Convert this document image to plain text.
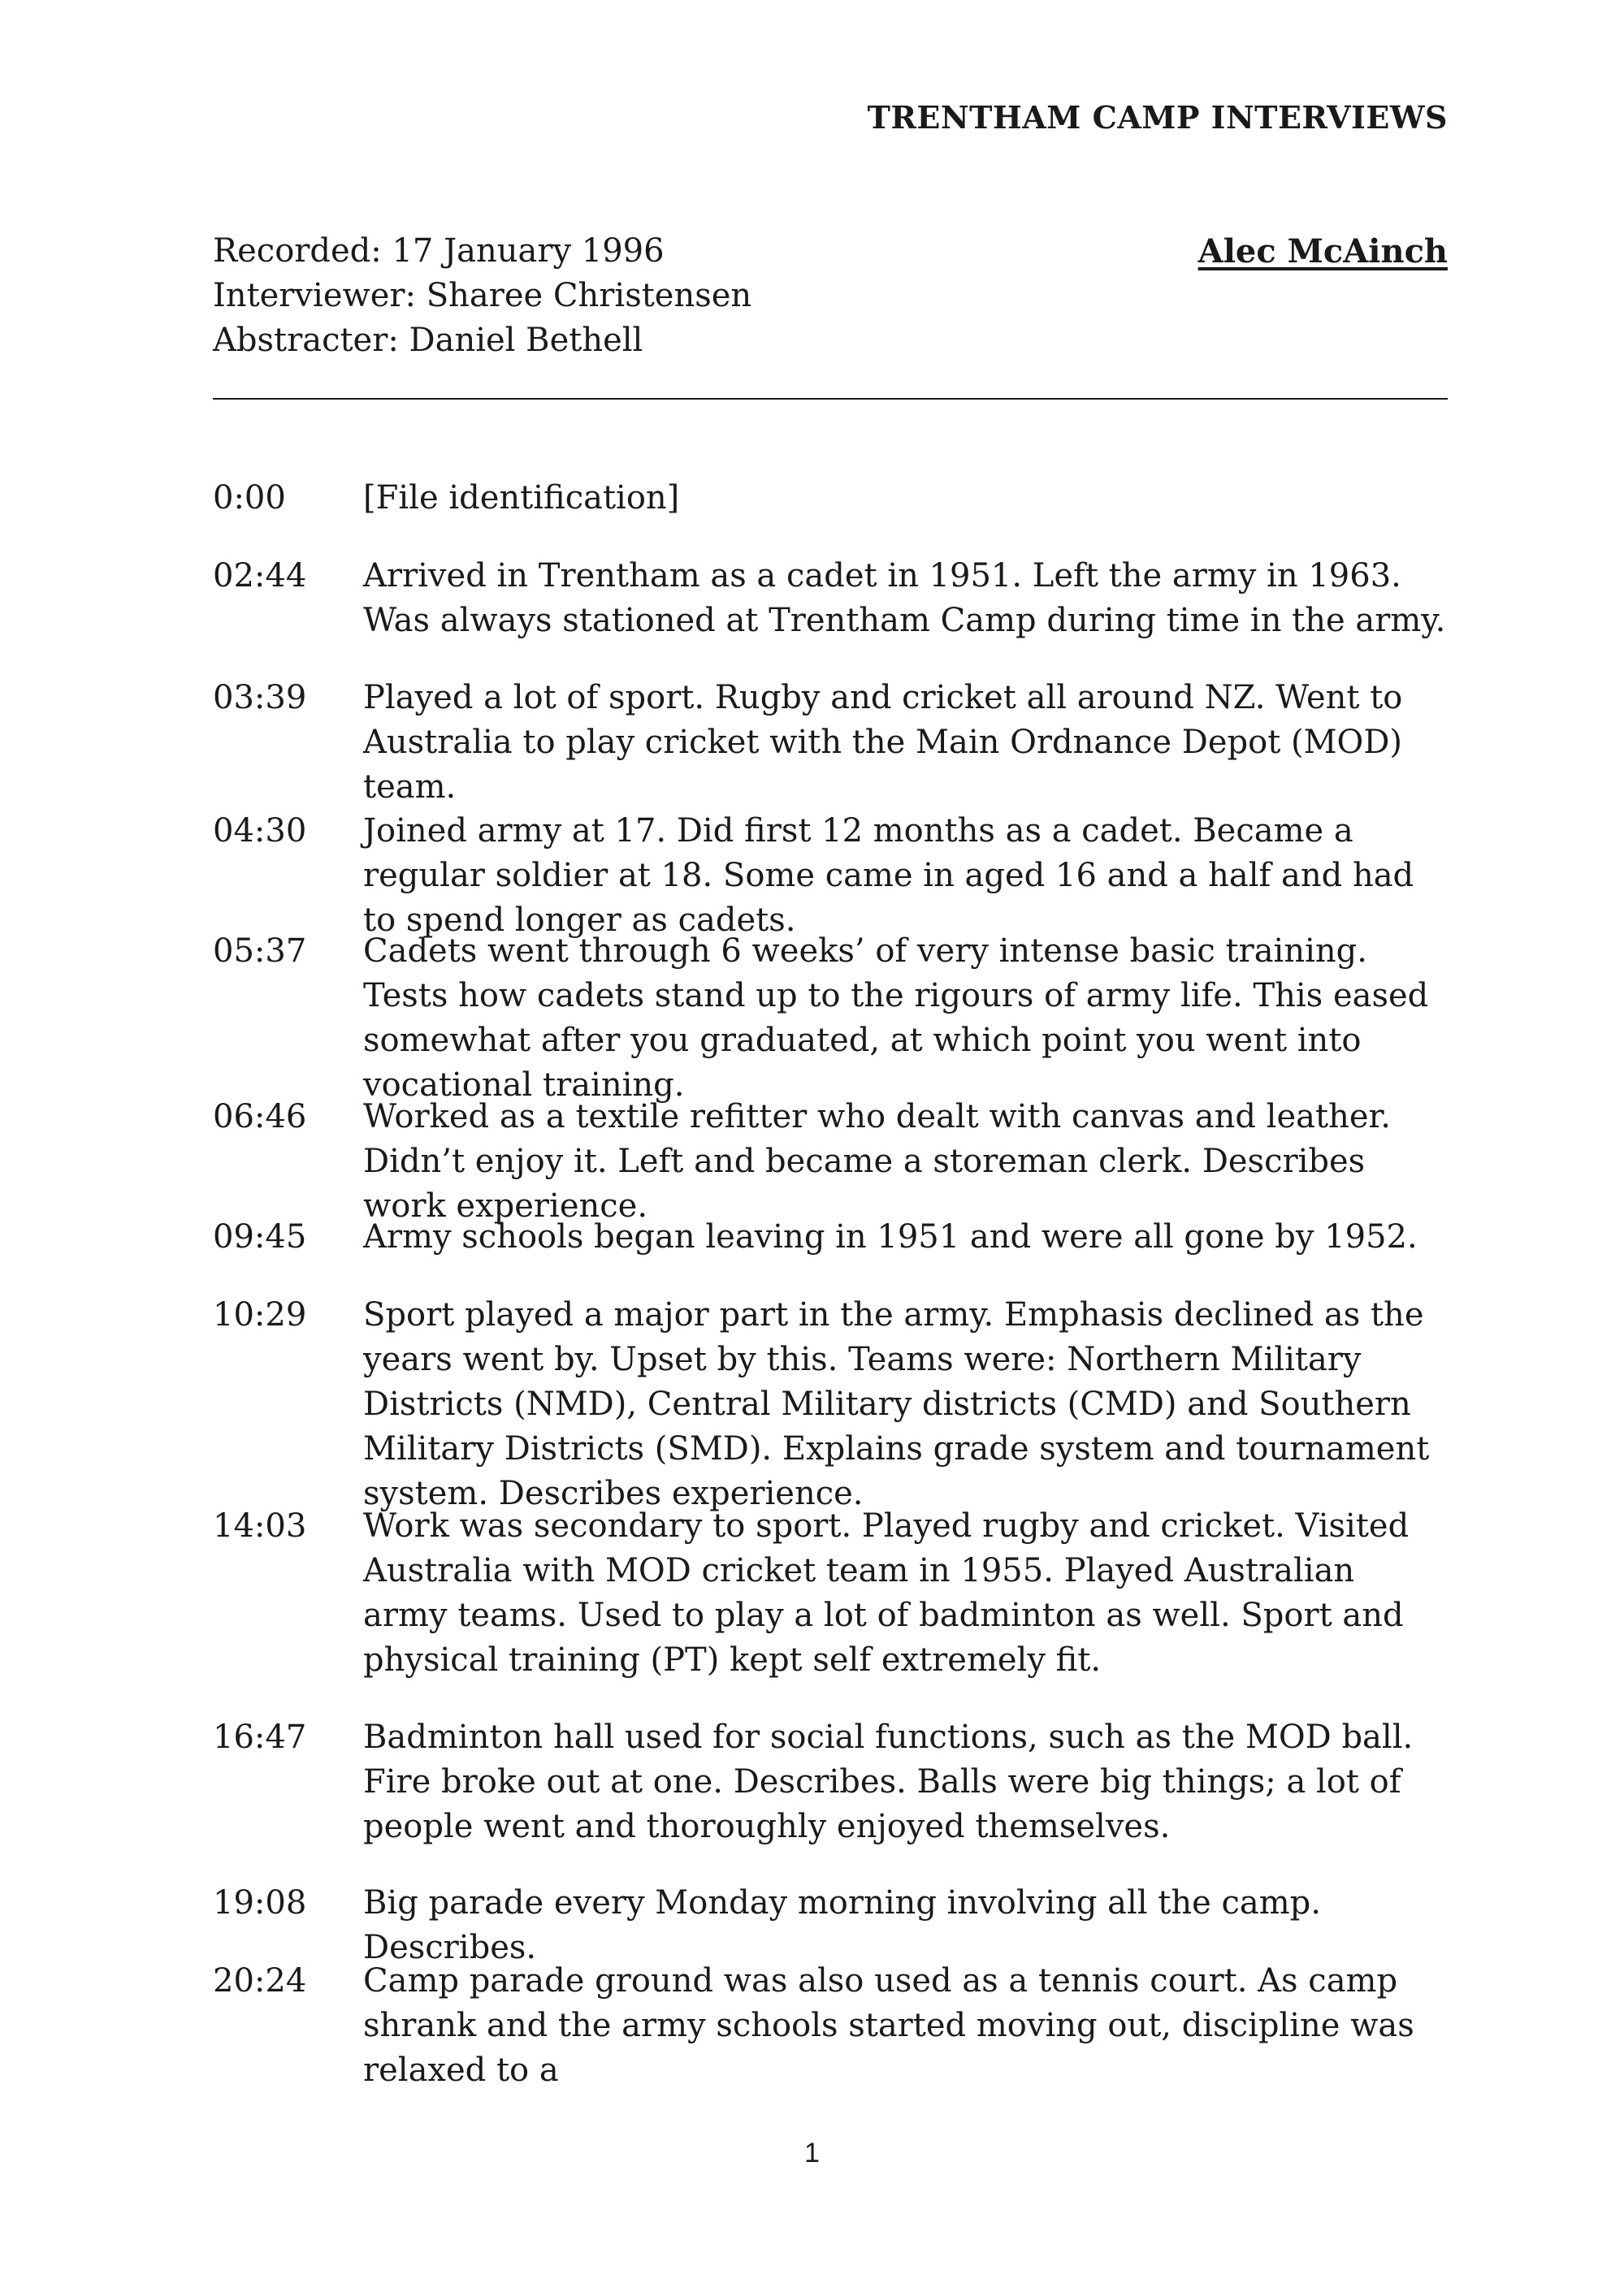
TRENTHAM CAMP INTERVIEWS
Recorded: 17 January 1996
Interviewer: Sharee Christensen
Abstracter: Daniel Bethell
Alec McAinch
0:00	[File identification]
02:44	Arrived in Trentham as a cadet in 1951. Left the army in 1963. Was always stationed at Trentham Camp during time in the army.
03:39	Played a lot of sport. Rugby and cricket all around NZ. Went to Australia to play cricket with the Main Ordnance Depot (MOD) team.
04:30	Joined army at 17. Did first 12 months as a cadet. Became a regular soldier at 18. Some came in aged 16 and a half and had to spend longer as cadets.
05:37	Cadets went through 6 weeks’ of very intense basic training. Tests how cadets stand up to the rigours of army life. This eased somewhat after you graduated, at which point you went into vocational training.
06:46	Worked as a textile refitter who dealt with canvas and leather. Didn’t enjoy it. Left and became a storeman clerk. Describes work experience.
09:45	Army schools began leaving in 1951 and were all gone by 1952.
10:29	Sport played a major part in the army. Emphasis declined as the years went by. Upset by this. Teams were: Northern Military Districts (NMD), Central Military districts (CMD) and Southern Military Districts (SMD). Explains grade system and tournament system. Describes experience.
14:03	Work was secondary to sport. Played rugby and cricket. Visited Australia with MOD cricket team in 1955. Played Australian army teams. Used to play a lot of badminton as well. Sport and physical training (PT) kept self extremely fit.
16:47	Badminton hall used for social functions, such as the MOD ball. Fire broke out at one. Describes. Balls were big things; a lot of people went and thoroughly enjoyed themselves.
19:08	Big parade every Monday morning involving all the camp. Describes.
20:24	Camp parade ground was also used as a tennis court. As camp shrank and the army schools started moving out, discipline was relaxed to a
1
